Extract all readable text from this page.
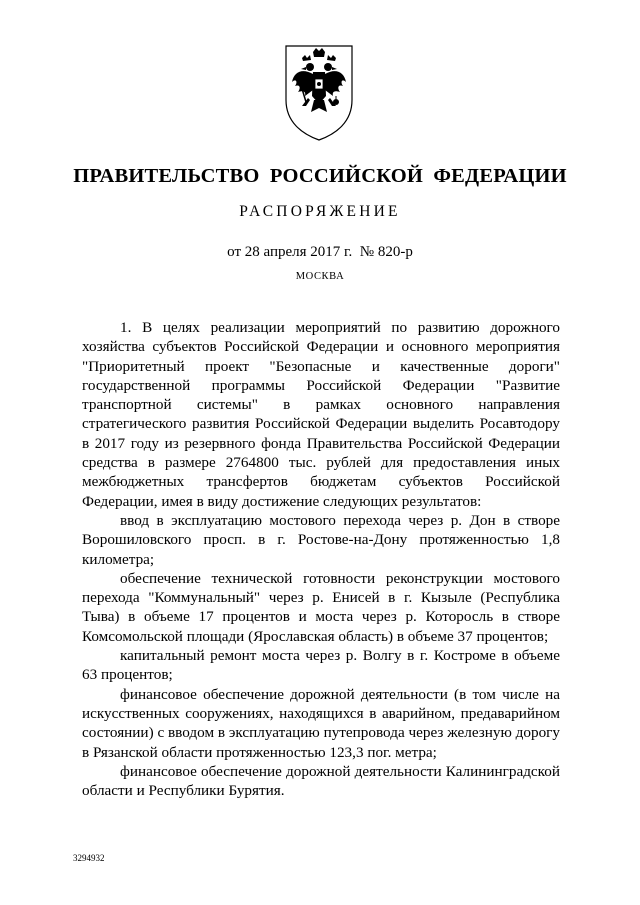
ПРАВИТЕЛЬСТВО РОССИЙСКОЙ ФЕДЕРАЦИИ
РАСПОРЯЖЕНИЕ
от 28 апреля 2017 г.  № 820-р
МОСКВА

1. В целях реализации мероприятий по развитию дорожного хозяйства субъектов Российской Федерации и основного мероприятия "Приоритетный проект "Безопасные и качественные дороги" государственной программы Российской Федерации "Развитие транспортной системы" в рамках основного направления стратегического развития Российской Федерации выделить Росавтодору в 2017 году из резервного фонда Правительства Российской Федерации средства в размере 2764800 тыс. рублей для предоставления иных межбюджетных трансфертов бюджетам субъектов Российской Федерации, имея в виду достижение следующих результатов:

ввод в эксплуатацию мостового перехода через р. Дон в створе Ворошиловского просп. в г. Ростове-на-Дону протяженностью 1,8 километра;

обеспечение технической готовности реконструкции мостового перехода "Коммунальный" через р. Енисей в г. Кызыле (Республика Тыва) в объеме 17 процентов и моста через р. Которосль в створе Комсомольской площади (Ярославская область) в объеме 37 процентов;

капитальный ремонт моста через р. Волгу в г. Костроме в объеме 63 процентов;

финансовое обеспечение дорожной деятельности (в том числе на искусственных сооружениях, находящихся в аварийном, предаварийном состоянии) с вводом в эксплуатацию путепровода через железную дорогу в Рязанской области протяженностью 123,3 пог. метра;

финансовое обеспечение дорожной деятельности Калининградской области и Республики Бурятия.

3294932
